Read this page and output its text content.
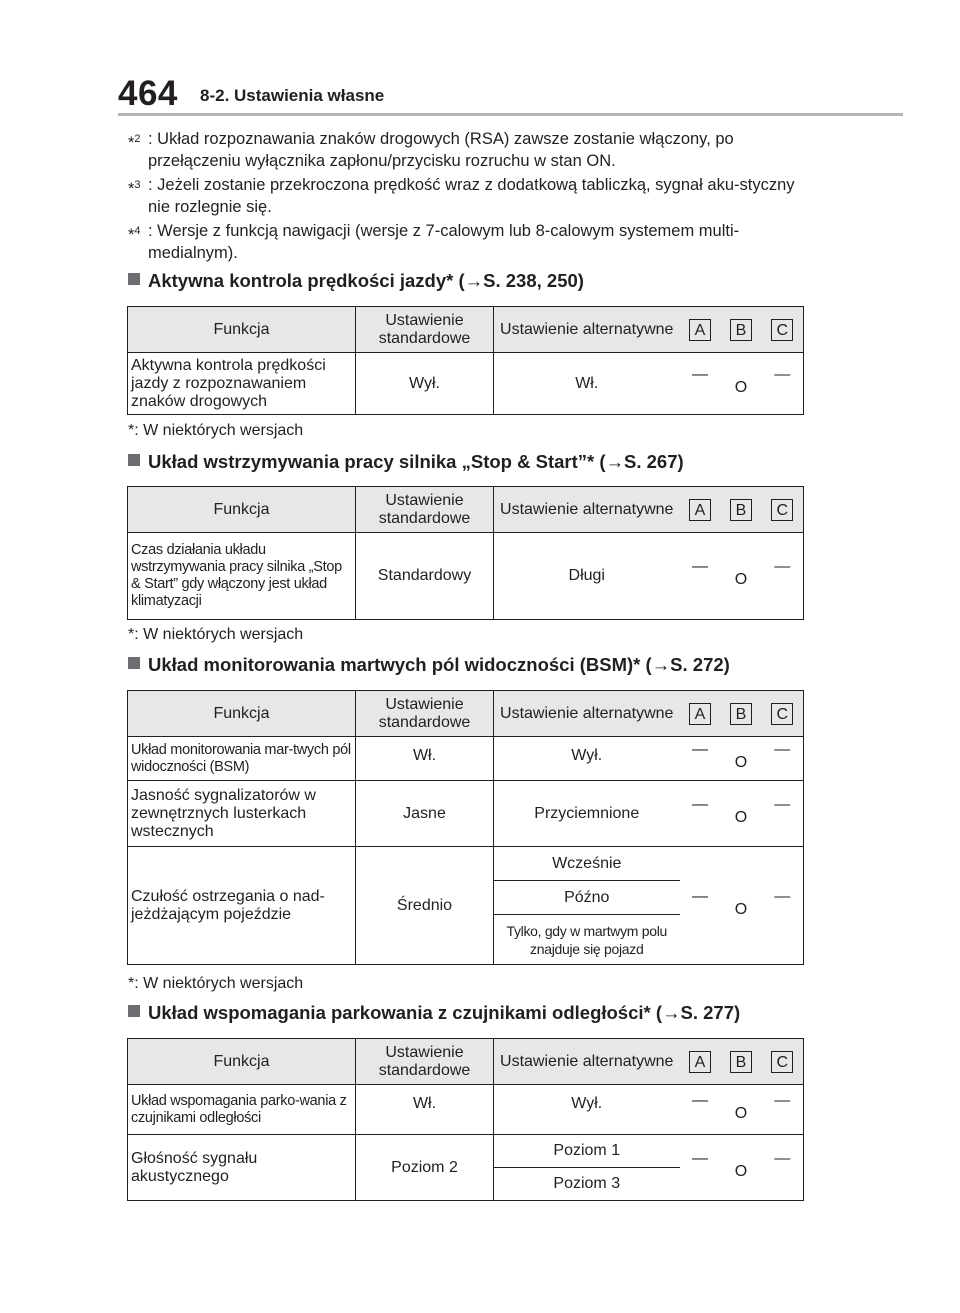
464 8-2. Ustawienia własne
*$^2$ : Układ rozpoznawania znaków drogowych (RSA) zawsze zostanie włączony, po przełączeniu wyłącznika zapłonu/przycisku rozruchu w stan ON.
*$^3$ : Jeżeli zostanie przekroczona prędkość wraz z dodatkową tabliczką, sygnał aku-styczny nie rozlegnie się.
*$^4$ : Wersje z funkcją nawigacji (wersje z 7-calowym lub 8-calowym systemem multi-medialnym).
Aktywna kontrola prędkości jazdy* (→S. 238, 250)
Funkcja	Ustawienie standardowe	Ustawienie alternatywne	A	B	C
Aktywna kontrola prędkości jazdy z rozpoznawaniem znaków drogowych	Wył.	Wł.	—	O	—
*: W niektórych wersjach
Układ wstrzymywania pracy silnika „Stop & Start”* (→S. 267)
Funkcja	Ustawienie standardowe	Ustawienie alternatywne	A	B	C
Czas działania układu wstrzymywania pracy silnika „Stop & Start” gdy włączony jest układ klimatyzacji	Standardowy	Długi	—	O	—
*: W niektórych wersjach
Układ monitorowania martwych pól widoczności (BSM)* (→S. 272)
Funkcja	Ustawienie standardowe	Ustawienie alternatywne	A	B	C
Układ monitorowania mar-twych pól widoczności (BSM)	Wł.	Wył.	—	O	—
Jasność sygnalizatorów w zewnętrznych lusterkach wstecznych	Jasne	Przyciemnione	—	O	—
Czułość ostrzegania o nad-jeżdżającym pojeździe	Średnio	Wcześnie	—	O	—
		Późno			
		Tylko, gdy w martwym polu znajduje się pojazd			
*: W niektórych wersjach
Układ wspomagania parkowania z czujnikami odległości* (→S. 277)
Funkcja	Ustawienie standardowe	Ustawienie alternatywne	A	B	C
Układ wspomagania parko-wania z czujnikami odległości	Wł.	Wył.	—	O	—
Głośność sygnału akustycznego	Poziom 2	Poziom 1	—	O	—
		Poziom 3			
